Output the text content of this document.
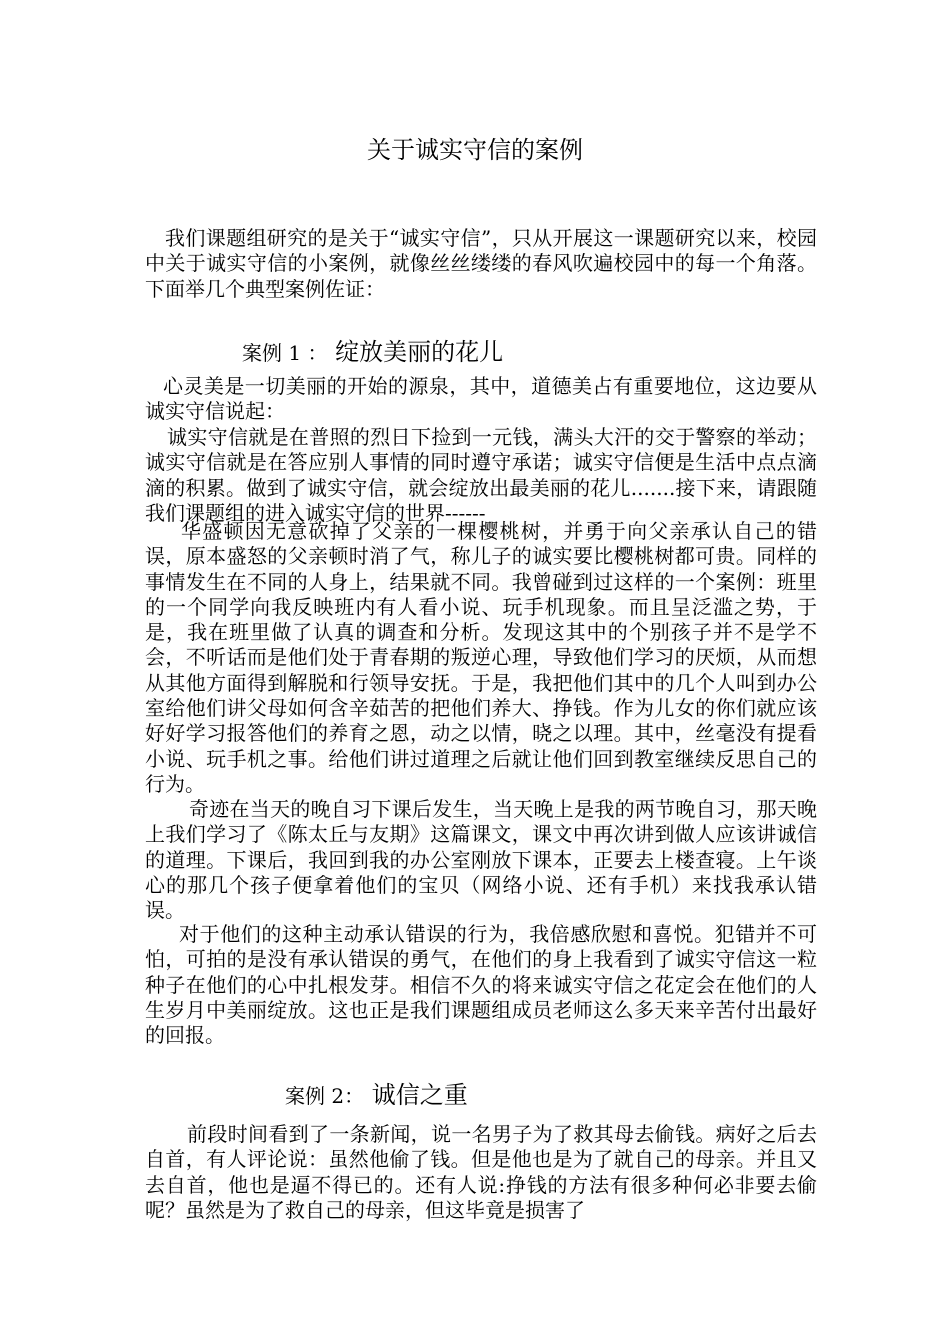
关于诚实守信的案例

我们课题组研究的是关于“诚实守信”，只从开展这一课题研究以来，校园中关于诚实守信的小案例，就像丝丝缕缕的春风吹遍校园中的每一个角落。下面举几个典型案例佐证：

案例 1 ： 绽放美丽的花儿

心灵美是一切美丽的开始的源泉，其中，道德美占有重要地位，这边要从诚实守信说起：

诚实守信就是在普照的烈日下捡到一元钱，满头大汗的交于警察的举动；诚实守信就是在答应别人事情的同时遵守承诺；诚实守信便是生活中点点滴滴的积累。做到了诚实守信，就会绽放出最美丽的花儿.......接下来，请跟随我们课题组的进入诚实守信的世界------

华盛顿因无意砍掉了父亲的一棵樱桃树，并勇于向父亲承认自己的错误，原本盛怒的父亲顿时消了气，称儿子的诚实要比樱桃树都可贵。同样的事情发生在不同的人身上，结果就不同。我曾碰到过这样的一个案例：班里的一个同学向我反映班内有人看小说、玩手机现象。而且呈泛滥之势，于是，我在班里做了认真的调查和分析。发现这其中的个别孩子并不是学不会，不听话而是他们处于青春期的叛逆心理，导致他们学习的厌烦，从而想从其他方面得到解脱和行领导安抚。于是，我把他们其中的几个人叫到办公室给他们讲父母如何含辛茹苦的把他们养大、挣钱。作为儿女的你们就应该好好学习报答他们的养育之恩，动之以情，晓之以理。其中，丝毫没有提看小说、玩手机之事。给他们讲过道理之后就让他们回到教室继续反思自己的行为。

奇迹在当天的晚自习下课后发生，当天晚上是我的两节晚自习，那天晚上我们学习了《陈太丘与友期》这篇课文，课文中再次讲到做人应该讲诚信的道理。下课后，我回到我的办公室刚放下课本，正要去上楼查寝。上午谈心的那几个孩子便拿着他们的宝贝（网络小说、还有手机）来找我承认错误。

对于他们的这种主动承认错误的行为，我倍感欣慰和喜悦。犯错并不可怕，可拍的是没有承认错误的勇气，在他们的身上我看到了诚实守信这一粒种子在他们的心中扎根发芽。相信不久的将来诚实守信之花定会在他们的人生岁月中美丽绽放。这也正是我们课题组成员老师这么多天来辛苦付出最好的回报。

案例 2： 诚信之重

前段时间看到了一条新闻，说一名男子为了救其母去偷钱。病好之后去自首，有人评论说：虽然他偷了钱。但是他也是为了就自己的母亲。并且又去自首，他也是逼不得已的。还有人说:挣钱的方法有很多种何必非要去偷呢？虽然是为了救自己的母亲，但这毕竟是损害了
